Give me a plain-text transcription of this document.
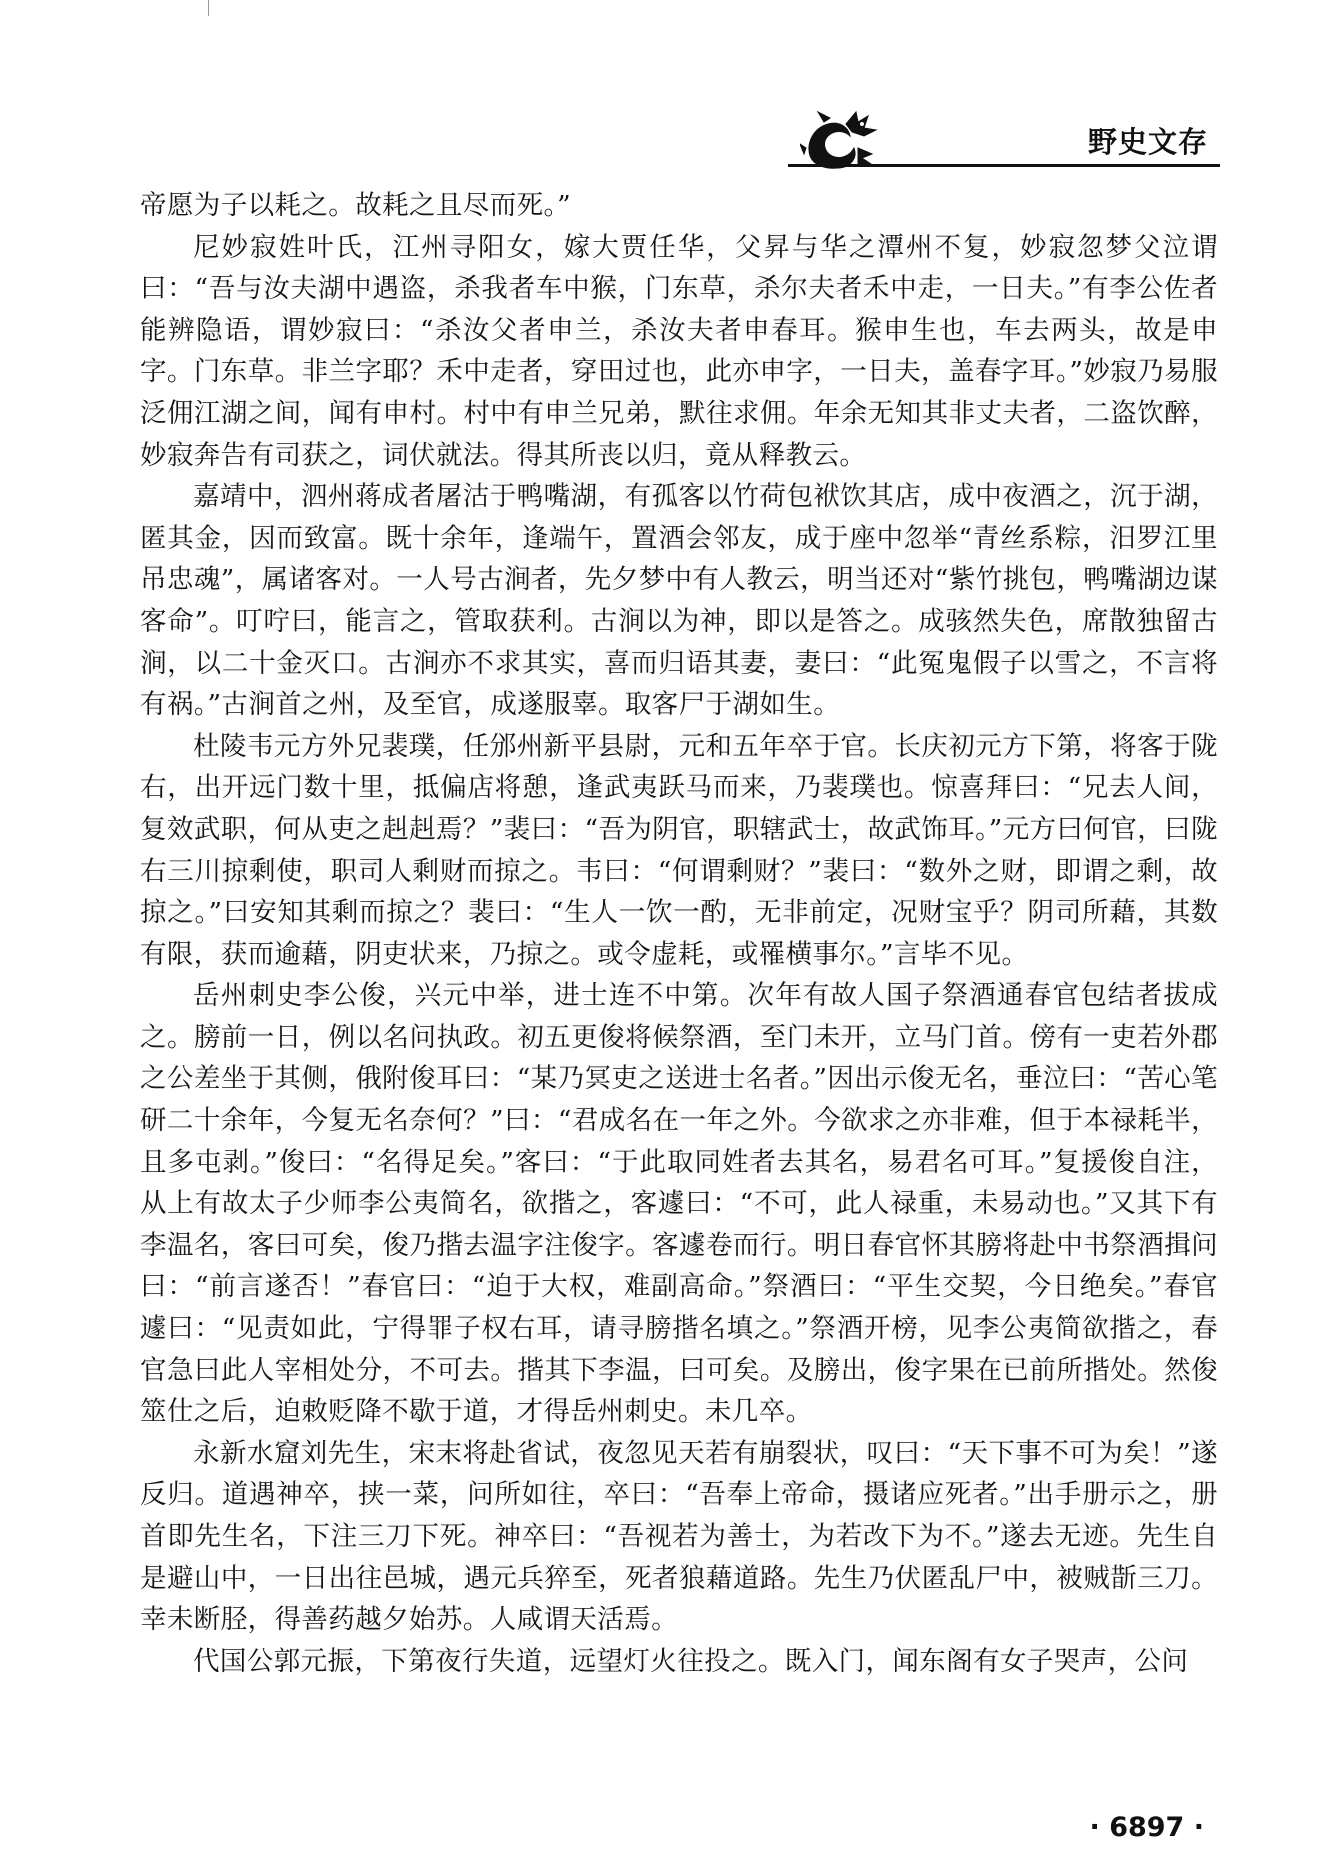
野史文存

帝愿为子以耗之。故耗之且尽而死。”

尼妙寂姓叶氏，江州寻阳女，嫁大贾任华，父昇与华之潭州不复，妙寂忽梦父泣谓曰：“吾与汝夫湖中遇盗，杀我者车中猴，门东草，杀尔夫者禾中走，一日夫。”有李公佐者能辨隐语，谓妙寂曰：“杀汝父者申兰，杀汝夫者申春耳。猴申生也，车去两头，故是申字。门东草。非兰字耶？禾中走者，穿田过也，此亦申字，一日夫，盖春字耳。”妙寂乃易服泛佣江湖之间，闻有申村。村中有申兰兄弟，默往求佣。年余无知其非丈夫者，二盗饮醉，妙寂奔告有司获之，词伏就法。得其所丧以归，竟从释教云。

嘉靖中，泗州蒋成者屠沽于鸭嘴湖，有孤客以竹荷包袱饮其店，成中夜酒之，沉于湖，匿其金，因而致富。既十余年，逢端午，置酒会邻友，成于座中忽举“青丝系粽，汨罗江里吊忠魂”，属诸客对。一人号古涧者，先夕梦中有人教云，明当还对“紫竹挑包，鸭嘴湖边谋客命”。叮咛曰，能言之，管取获利。古涧以为神，即以是答之。成骇然失色，席散独留古涧，以二十金灭口。古涧亦不求其实，喜而归语其妻，妻曰：“此冤鬼假子以雪之，不言将有祸。”古涧首之州，及至官，成遂服辜。取客尸于湖如生。

杜陵韦元方外兄裴璞，任邠州新平县尉，元和五年卒于官。长庆初元方下第，将客于陇右，出开远门数十里，抵偏店将憩，逢武夷跃马而来，乃裴璞也。惊喜拜曰：“兄去人间，复效武职，何从吏之赳赳焉？”裴曰：“吾为阴官，职辖武士，故武饰耳。”元方曰何官，曰陇右三川掠剩使，职司人剩财而掠之。韦曰：“何谓剩财？”裴曰：“数外之财，即谓之剩，故掠之。”曰安知其剩而掠之？裴曰：“生人一饮一酌，无非前定，况财宝乎？阴司所藉，其数有限，获而逾藉，阴吏状来，乃掠之。或令虚耗，或罹横事尔。”言毕不见。

岳州刺史李公俊，兴元中举，进士连不中第。次年有故人国子祭酒通春官包结者拔成之。膀前一日，例以名问执政。初五更俊将候祭酒，至门未开，立马门首。傍有一吏若外郡之公差坐于其侧，俄附俊耳曰：“某乃冥吏之送进士名者。”因出示俊无名，垂泣曰：“苦心笔研二十余年，今复无名奈何？”曰：“君成名在一年之外。今欲求之亦非难，但于本禄耗半，且多屯剥。”俊曰：“名得足矣。”客曰：“于此取同姓者去其名，易君名可耳。”复援俊自注，从上有故太子少师李公夷简名，欲揩之，客遽曰：“不可，此人禄重，未易动也。”又其下有李温名，客曰可矣，俊乃揩去温字注俊字。客遽卷而行。明日春官怀其膀将赴中书祭酒揖问曰：“前言遂否！”春官曰：“迫于大权，难副高命。”祭酒曰：“平生交契，今日绝矣。”春官遽曰：“见责如此，宁得罪子权右耳，请寻膀揩名填之。”祭酒开榜，见李公夷简欲揩之，春官急曰此人宰相处分，不可去。揩其下李温，曰可矣。及膀出，俊字果在已前所揩处。然俊筮仕之后，迫敕贬降不歇于道，才得岳州刺史。未几卒。

永新水窟刘先生，宋末将赴省试，夜忽见天若有崩裂状，叹曰：“天下事不可为矣！”遂反归。道遇神卒，挟一菜，问所如往，卒曰：“吾奉上帝命，摄诸应死者。”出手册示之，册首即先生名，下注三刀下死。神卒曰：“吾视若为善士，为若改下为不。”遂去无迹。先生自是避山中，一日出往邑城，遇元兵猝至，死者狼藉道路。先生乃伏匿乱尸中，被贼斮三刀。幸未断胫，得善药越夕始苏。人咸谓天活焉。

代国公郭元振，下第夜行失道，远望灯火往投之。既入门，闻东阁有女子哭声，公问

· 6897 ·
